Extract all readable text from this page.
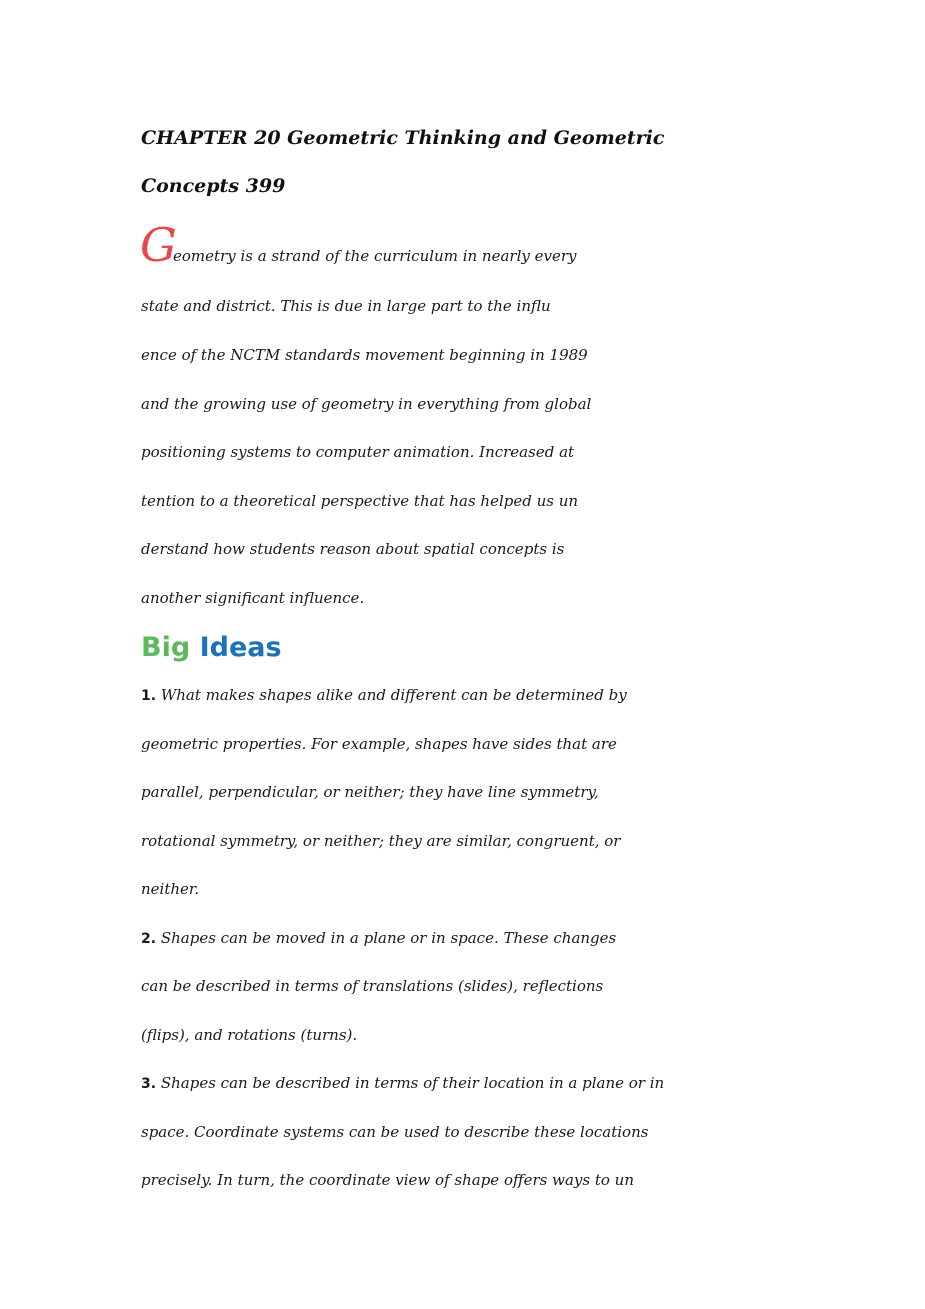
CHAPTER 20 Geometric Thinking and Geometric
Concepts 399
G
eometry is a strand of the curriculum in nearly every
state and district. This is due in large part to the influ
ence of the NCTM standards movement beginning in 1989
and the growing use of geometry in everything from global
positioning systems to computer animation. Increased at
tention to a theoretical perspective that has helped us un
derstand how students reason about spatial concepts is
another significant influence.
Big Ideas
1. What makes shapes alike and different can be determined by
geometric properties. For example, shapes have sides that are
parallel, perpendicular, or neither; they have line symmetry,
rotational symmetry, or neither; they are similar, congruent, or
neither.
2. Shapes can be moved in a plane or in space. These changes
can be described in terms of translations (slides), reflections
(flips), and rotations (turns).
3. Shapes can be described in terms of their location in a plane or in
space. Coordinate systems can be used to describe these locations
precisely. In turn, the coordinate view of shape offers ways to un
